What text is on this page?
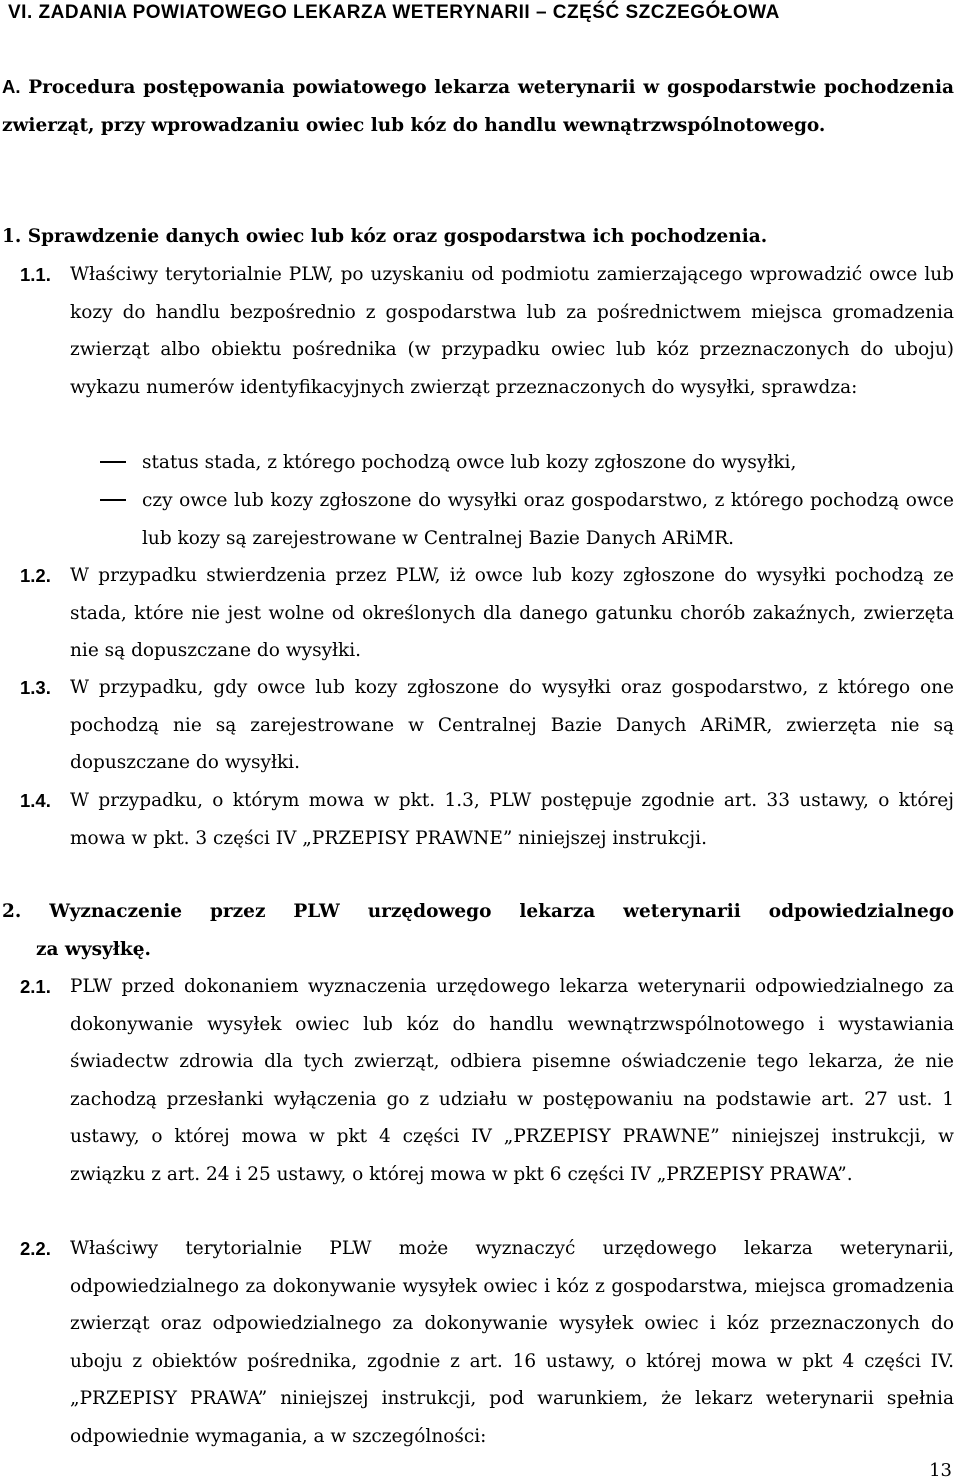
VI. ZADANIA POWIATOWEGO LEKARZA WETERYNARII – CZĘŚĆ SZCZEGÓŁOWA
A. Procedura postępowania powiatowego lekarza weterynarii w gospodarstwie pochodzenia zwierząt, przy wprowadzaniu owiec lub kóz do handlu wewnątrzwspólnotowego.
1. Sprawdzenie danych owiec lub kóz oraz gospodarstwa ich pochodzenia.
1.1. Właściwy terytorialnie PLW, po uzyskaniu od podmiotu zamierzającego wprowadzić owce lub kozy do handlu bezpośrednio z gospodarstwa lub za pośrednictwem miejsca gromadzenia zwierząt albo obiektu pośrednika (w przypadku owiec lub kóz przeznaczonych do uboju) wykazu numerów identyfikacyjnych zwierząt przeznaczonych do wysyłki, sprawdza:
status stada, z którego pochodzą owce lub kozy zgłoszone do wysyłki,
czy owce lub kozy zgłoszone do wysyłki oraz gospodarstwo, z którego pochodzą owce lub kozy są zarejestrowane w Centralnej Bazie Danych ARiMR.
1.2. W przypadku stwierdzenia przez PLW, iż owce lub kozy zgłoszone do wysyłki pochodzą ze stada, które nie jest wolne od określonych dla danego gatunku chorób zakaźnych, zwierzęta nie są dopuszczane do wysyłki.
1.3. W przypadku, gdy owce lub kozy zgłoszone do wysyłki oraz gospodarstwo, z którego one pochodzą nie są zarejestrowane w Centralnej Bazie Danych ARiMR, zwierzęta nie są dopuszczane do wysyłki.
1.4. W przypadku, o którym mowa w pkt. 1.3, PLW postępuje zgodnie art. 33 ustawy, o której mowa w pkt. 3 części IV „PRZEPISY PRAWNE” niniejszej instrukcji.
2. Wyznaczenie przez PLW urzędowego lekarza weterynarii odpowiedzialnego
za wysyłkę.
2.1. PLW przed dokonaniem wyznaczenia urzędowego lekarza weterynarii odpowiedzialnego za dokonywanie wysyłek owiec lub kóz do handlu wewnątrzwspólnotowego i wystawiania świadectw zdrowia dla tych zwierząt, odbiera pisemne oświadczenie tego lekarza, że nie zachodzą przesłanki wyłączenia go z udziału w postępowaniu na podstawie art. 27 ust. 1 ustawy, o której mowa w pkt 4 części IV „PRZEPISY PRAWNE” niniejszej instrukcji, w związku z art. 24 i 25 ustawy, o której mowa w pkt 6 części IV „PRZEPISY PRAWA”.
2.2. Właściwy terytorialnie PLW może wyznaczyć urzędowego lekarza weterynarii, odpowiedzialnego za dokonywanie wysyłek owiec i kóz z gospodarstwa, miejsca gromadzenia zwierząt oraz odpowiedzialnego za dokonywanie wysyłek owiec i kóz przeznaczonych do uboju z obiektów pośrednika, zgodnie z art. 16 ustawy, o której mowa w pkt 4 części IV. „PRZEPISY PRAWA” niniejszej instrukcji, pod warunkiem, że lekarz weterynarii spełnia odpowiednie wymagania, a w szczególności:
13
